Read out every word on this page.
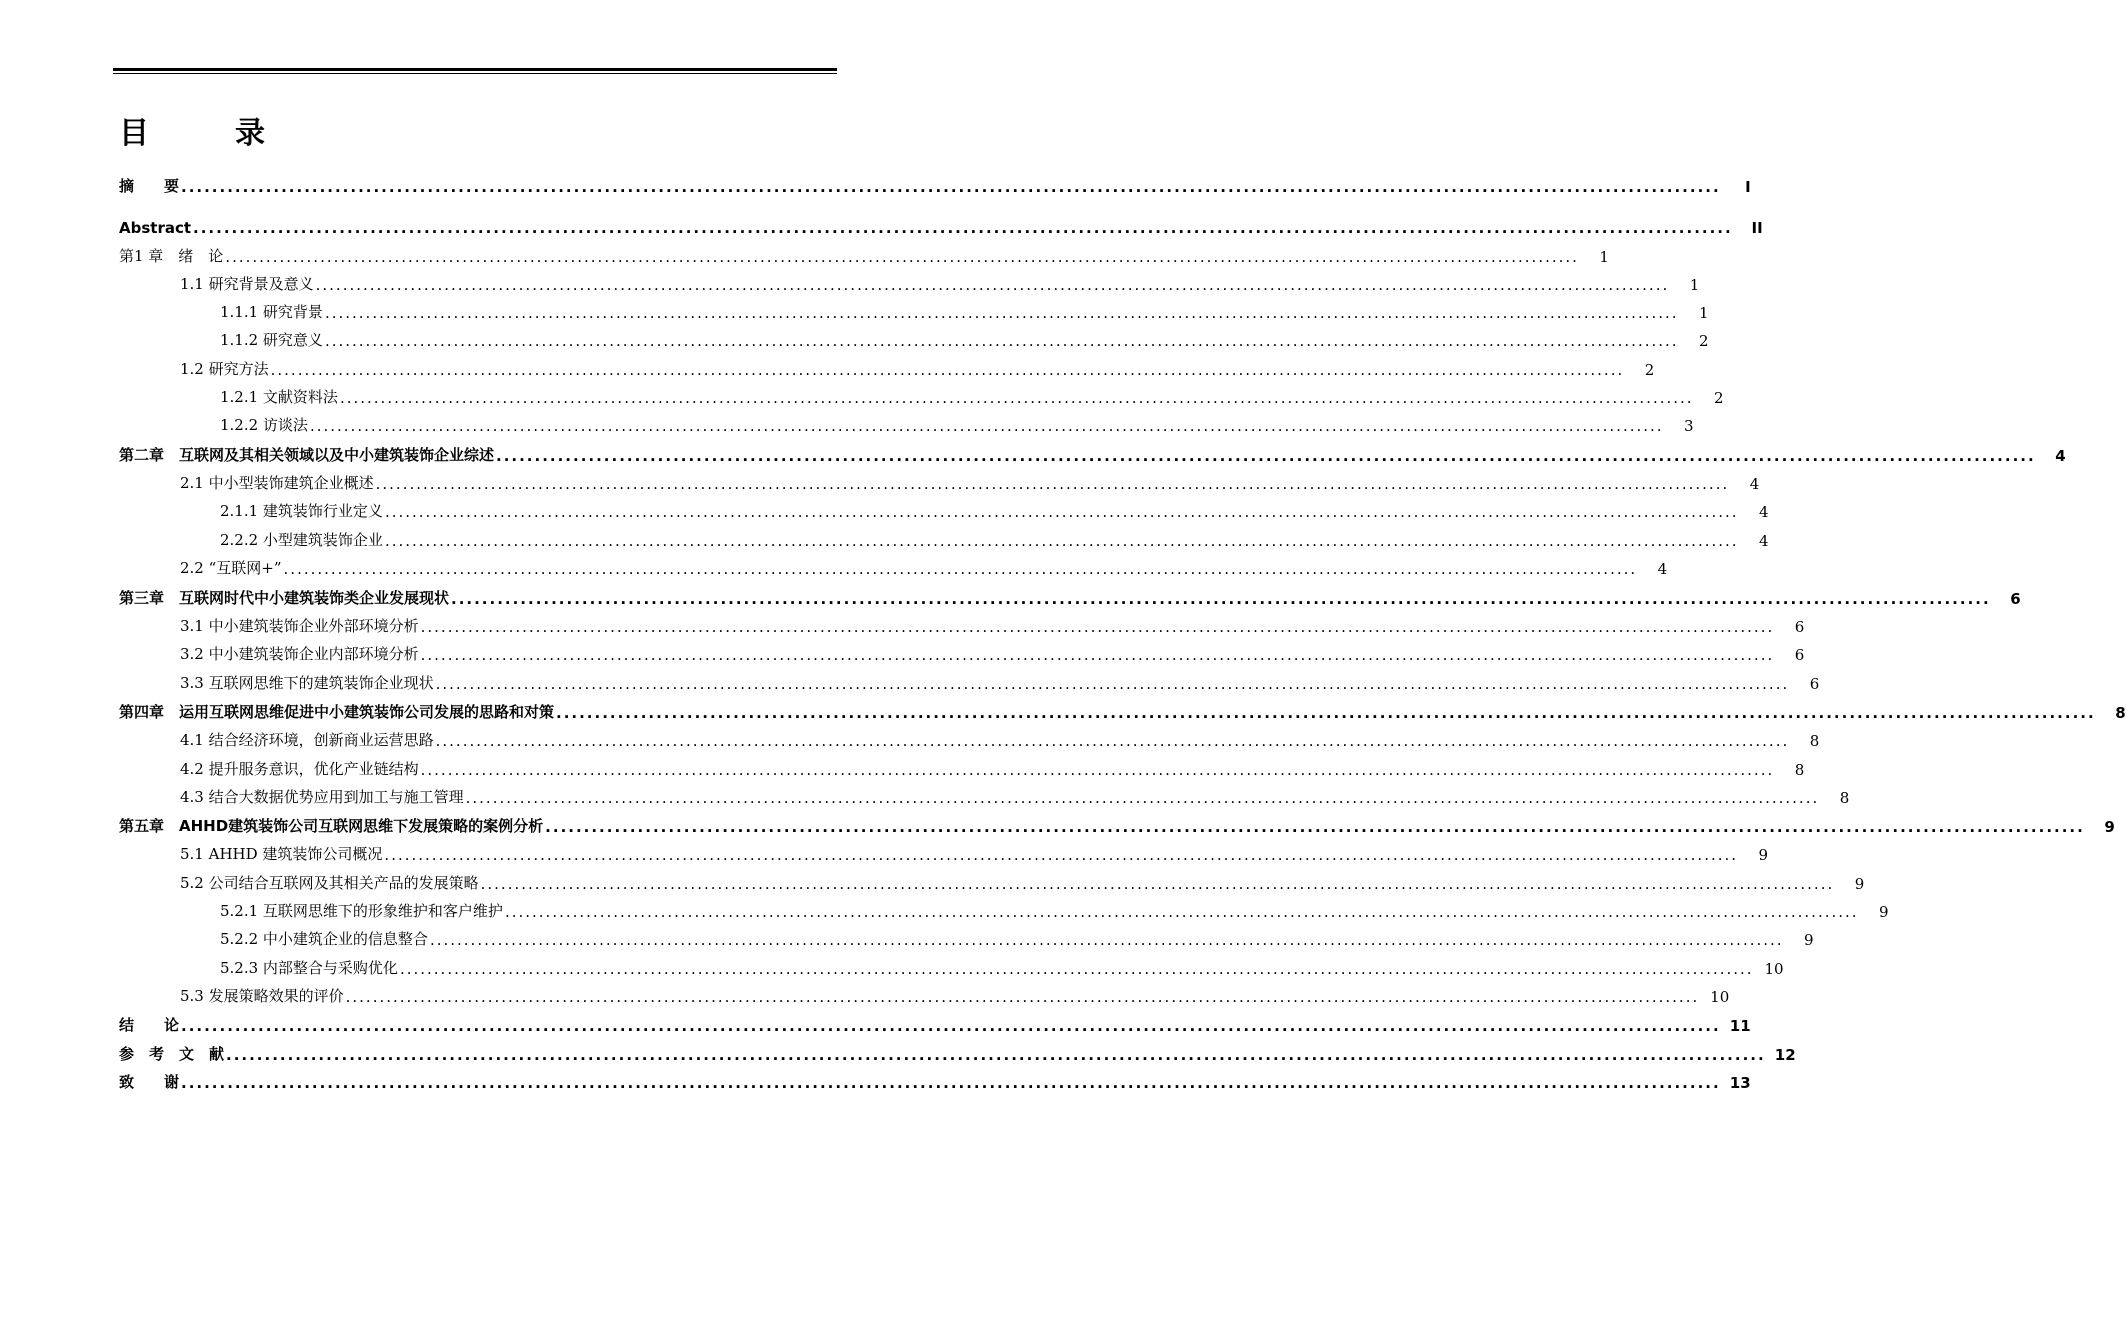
目　录
摘　　要 ........................................................................................................................................................................................................	I
Abstract ........................................................................................................................................................................................................	II
第1 章　绪　论 ........................................................................................................................................................................................................	1
1.1 研究背景及意义 ........................................................................................................................................................................................................	1
1.1.1 研究背景 ........................................................................................................................................................................................................	1
1.1.2 研究意义 ........................................................................................................................................................................................................	2
1.2 研究方法 ........................................................................................................................................................................................................	2
1.2.1 文献资料法 ........................................................................................................................................................................................................	2
1.2.2 访谈法 ........................................................................................................................................................................................................	3
第二章　互联网及其相关领域以及中小建筑装饰企业综述 ........................................................................................................................................................................................................	4
2.1 中小型装饰建筑企业概述 ........................................................................................................................................................................................................	4
2.1.1 建筑装饰行业定义 ........................................................................................................................................................................................................	4
2.2.2 小型建筑装饰企业 ........................................................................................................................................................................................................	4
2.2 “互联网+” ........................................................................................................................................................................................................	4
第三章　互联网时代中小建筑装饰类企业发展现状 ........................................................................................................................................................................................................	6
3.1 中小建筑装饰企业外部环境分析 ........................................................................................................................................................................................................	6
3.2 中小建筑装饰企业内部环境分析 ........................................................................................................................................................................................................	6
3.3 互联网思维下的建筑装饰企业现状 ........................................................................................................................................................................................................	6
第四章　运用互联网思维促进中小建筑装饰公司发展的思路和对策 ........................................................................................................................................................................................................	8
4.1 结合经济环境，创新商业运营思路 ........................................................................................................................................................................................................	8
4.2 提升服务意识，优化产业链结构 ........................................................................................................................................................................................................	8
4.3 结合大数据优势应用到加工与施工管理 ........................................................................................................................................................................................................	8
第五章　AHHD建筑装饰公司互联网思维下发展策略的案例分析 ........................................................................................................................................................................................................	9
5.1 AHHD 建筑装饰公司概况 ........................................................................................................................................................................................................	9
5.2 公司结合互联网及其相关产品的发展策略 ........................................................................................................................................................................................................	9
5.2.1 互联网思维下的形象维护和客户维护 ........................................................................................................................................................................................................	9
5.2.2 中小建筑企业的信息整合 ........................................................................................................................................................................................................	9
5.2.3 内部整合与采购优化 ........................................................................................................................................................................................................ 10
5.3 发展策略效果的评价 ........................................................................................................................................................................................................ 10
结　　论 ........................................................................................................................................................................................................ 11
参　考　文　献 ........................................................................................................................................................................................................ 12
致　　谢 ........................................................................................................................................................................................................ 13
